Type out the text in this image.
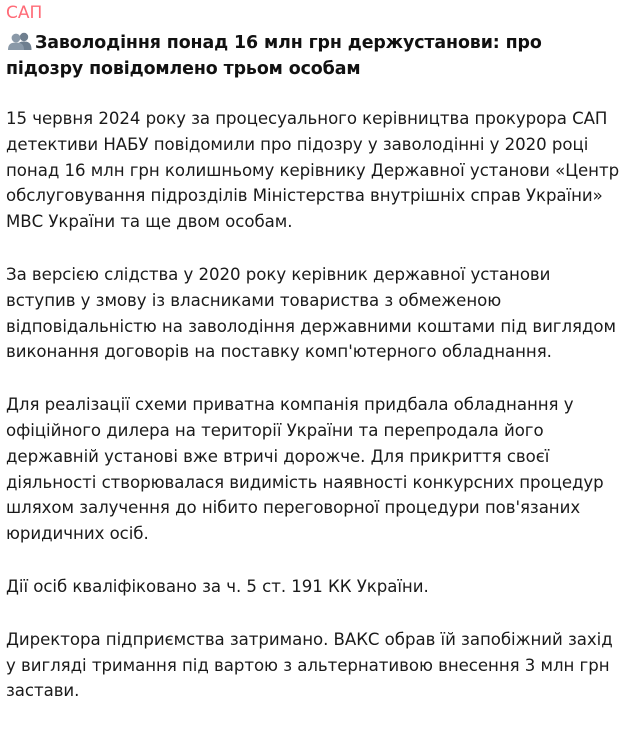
САП
Заволодіння понад 16 млн грн держустанови: про підозру повідомлено трьом особам

15 червня 2024 року за процесуального керівництва прокурора САП детективи НАБУ повідомили про підозру у заволодінні у 2020 році понад 16 млн грн колишньому керівнику Державної установи «Центр обслуговування підрозділів Міністерства внутрішніх справ України» МВС України та ще двом особам.

За версією слідства у 2020 року керівник державної установи вступив у змову із власниками товариства з обмеженою відповідальністю на заволодіння державними коштами під виглядом виконання договорів на поставку комп'ютерного обладнання.

Для реалізації схеми приватна компанія придбала обладнання у офіційного дилера на території України та перепродала його державній установі вже втричі дорожче. Для прикриття своєї діяльності створювалася видимість наявності конкурсних процедур шляхом залучення до нібито переговорної процедури пов'язаних юридичних осіб.

Дії осіб кваліфіковано за ч. 5 ст. 191 КК України.

Директора підприємства затримано. ВАКС обрав їй запобіжний захід у вигляді тримання під вартою з альтернативою внесення 3 млн грн застави.
